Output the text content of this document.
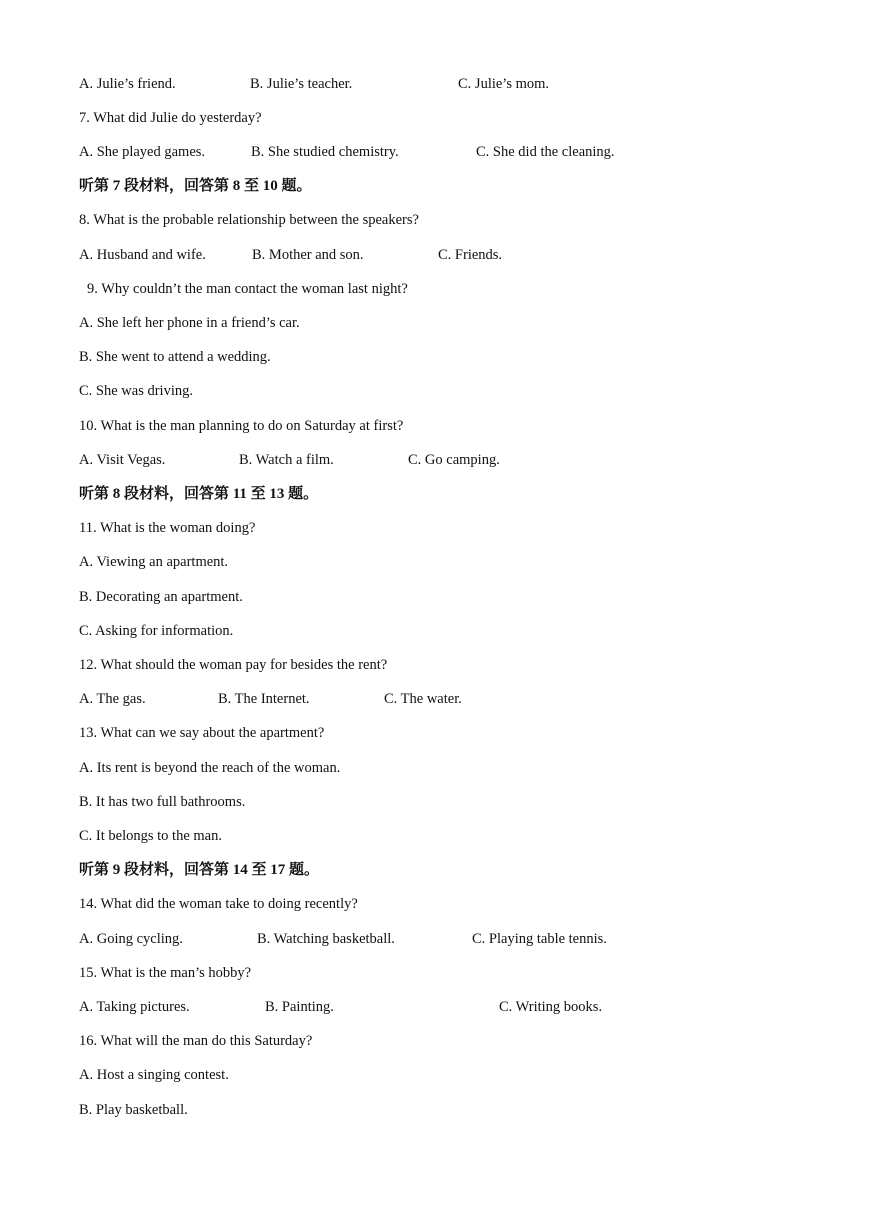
A. Julie’s friend.	B. Julie’s teacher.	C. Julie’s mom.
7. What did Julie do yesterday?
A. She played games.	B. She studied chemistry.	C. She did the cleaning.
听第 7 段材料，回答第 8 至 10 题。
8. What is the probable relationship between the speakers?
A. Husband and wife.	B. Mother and son.	C. Friends.
9. Why couldn’t the man contact the woman last night?
A. She left her phone in a friend’s car.
B. She went to attend a wedding.
C. She was driving.
10. What is the man planning to do on Saturday at first?
A. Visit Vegas.	B. Watch a film.	C. Go camping.
听第 8 段材料，回答第 11 至 13 题。
11. What is the woman doing?
A. Viewing an apartment.
B. Decorating an apartment.
C. Asking for information.
12. What should the woman pay for besides the rent?
A. The gas.	B. The Internet.	C. The water.
13. What can we say about the apartment?
A. Its rent is beyond the reach of the woman.
B. It has two full bathrooms.
C. It belongs to the man.
听第 9 段材料，回答第 14 至 17 题。
14. What did the woman take to doing recently?
A. Going cycling.	B. Watching basketball.	C. Playing table tennis.
15. What is the man’s hobby?
A. Taking pictures.	B. Painting.	C. Writing books.
16. What will the man do this Saturday?
A. Host a singing contest.
B. Play basketball.
